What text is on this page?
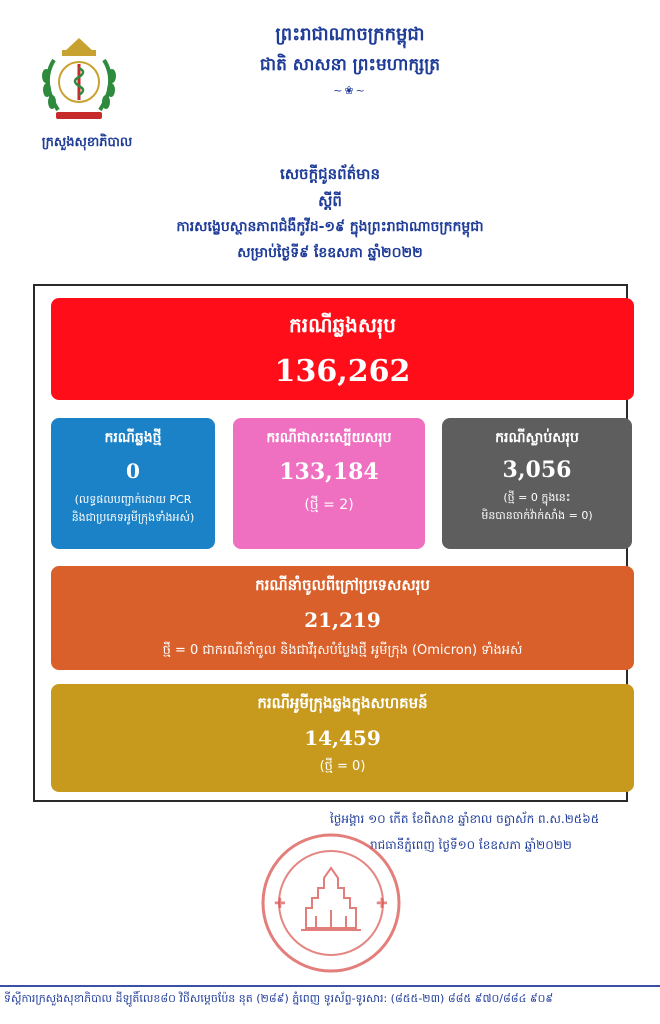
ព្រះរាជាណាចក្រកម្ពុជា
ជាតិ សាសនា ព្រះមហាក្សត្រ
~❀~
ក្រសួងសុខាភិបាល
សេចក្តីជូនព័ត៌មាន
ស្តីពី
ការសង្ខេបស្ថានភាពជំងឺកូវីដ-១៩ ក្នុងព្រះរាជាណាចក្រកម្ពុជា
សម្រាប់ថ្ងៃទី៩ ខែឧសភា ឆ្នាំ២០២២
ករណីឆ្លងសរុប
136,262
ករណីឆ្លងថ្មី
0
(លទ្ធផលបញ្ជាក់ដោយ PCR
និងជាប្រភេទអូមីក្រុងទាំងអស់)
ករណីជាសះស្បើយសរុប
133,184
(ថ្មី = 2)
ករណីស្លាប់សរុប
3,056
(ថ្មី = 0 ក្នុងនេះ
មិនបានចាក់វ៉ាក់សាំង = 0)
ករណីនាំចូលពីក្រៅប្រទេសសរុប
21,219
ថ្មី = 0 ជាករណីនាំចូល និងជាវីរុសបំប្លែងថ្មី អូមីក្រុង (Omicron) ទាំងអស់
ករណីអូមីក្រុងឆ្លងក្នុងសហគមន៍
14,459
(ថ្មី = 0)
ថ្ងៃអង្គារ ១០ កើត ខែពិសាខ ឆ្នាំខាល ចត្វាស័ក ព.ស.២៥៦៥
រាជធានីភ្នំពេញ ថ្ងៃទី១០ ខែឧសភា ឆ្នាំ២០២២
✚	✚
ទីស្តីការក្រសួងសុខាភិបាល ដីឡូតិ៍លេខ៨០ វិថីសម្តេចប៉ែន នុត (២៨៩) ភ្នំពេញ ទូរស័ព្ទ-ទូរសារ: (៨៥៥-២៣) ៨៨៥ ៩៧០/៨៨៤ ៩០៩
